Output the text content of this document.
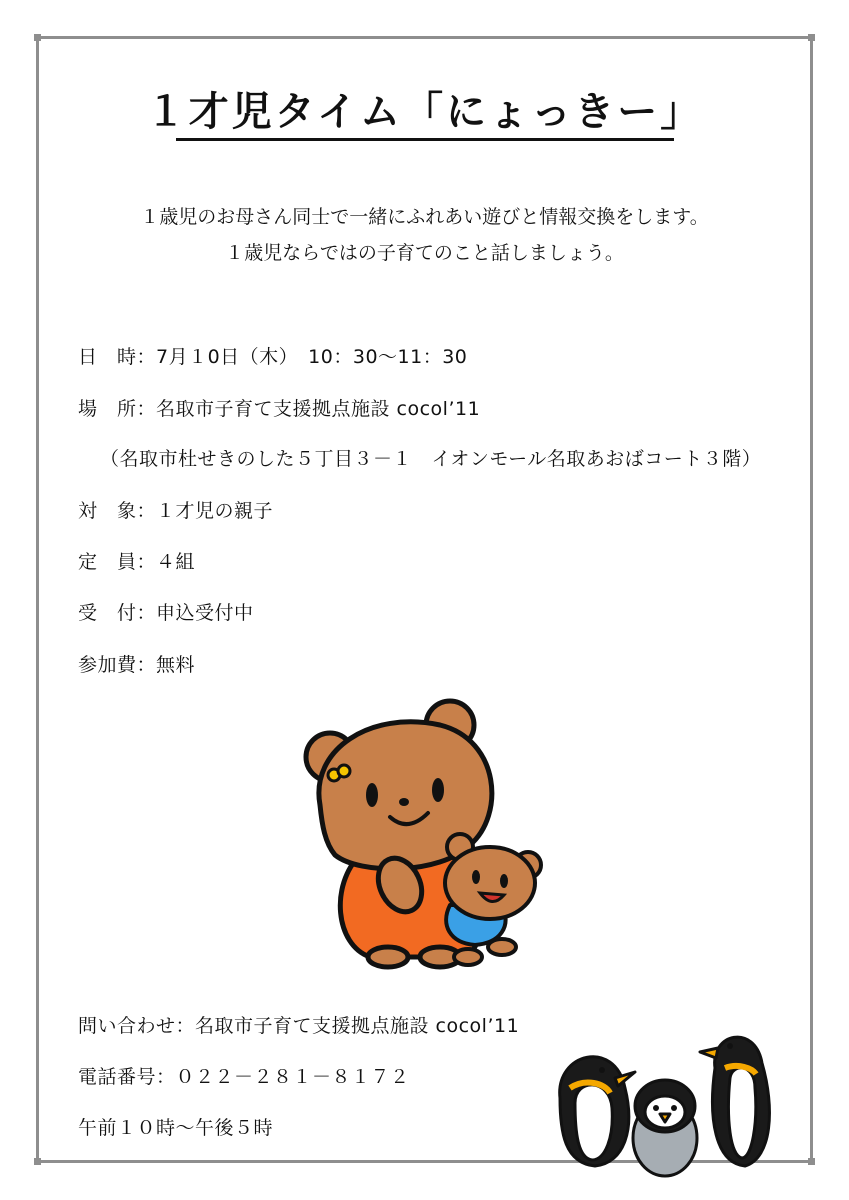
１才児タイム「にょっきー」
１歳児のお母さん同士で一緒にふれあい遊びと情報交換をします。
１歳児ならではの子育てのこと話しましょう。
日　時：7月１0日（木）　10：30～11：30
場　所：名取市子育て支援拠点施設 cocol’11
（名取市杜せきのした５丁目３－１　イオンモール名取あおばコート３階）
対　象：１才児の親子
定　員：４組
受　付：申込受付中
参加費：無料
問い合わせ：名取市子育て支援拠点施設 cocol’11
電話番号：０２２－２８１－８１７２
午前１０時～午後５時
